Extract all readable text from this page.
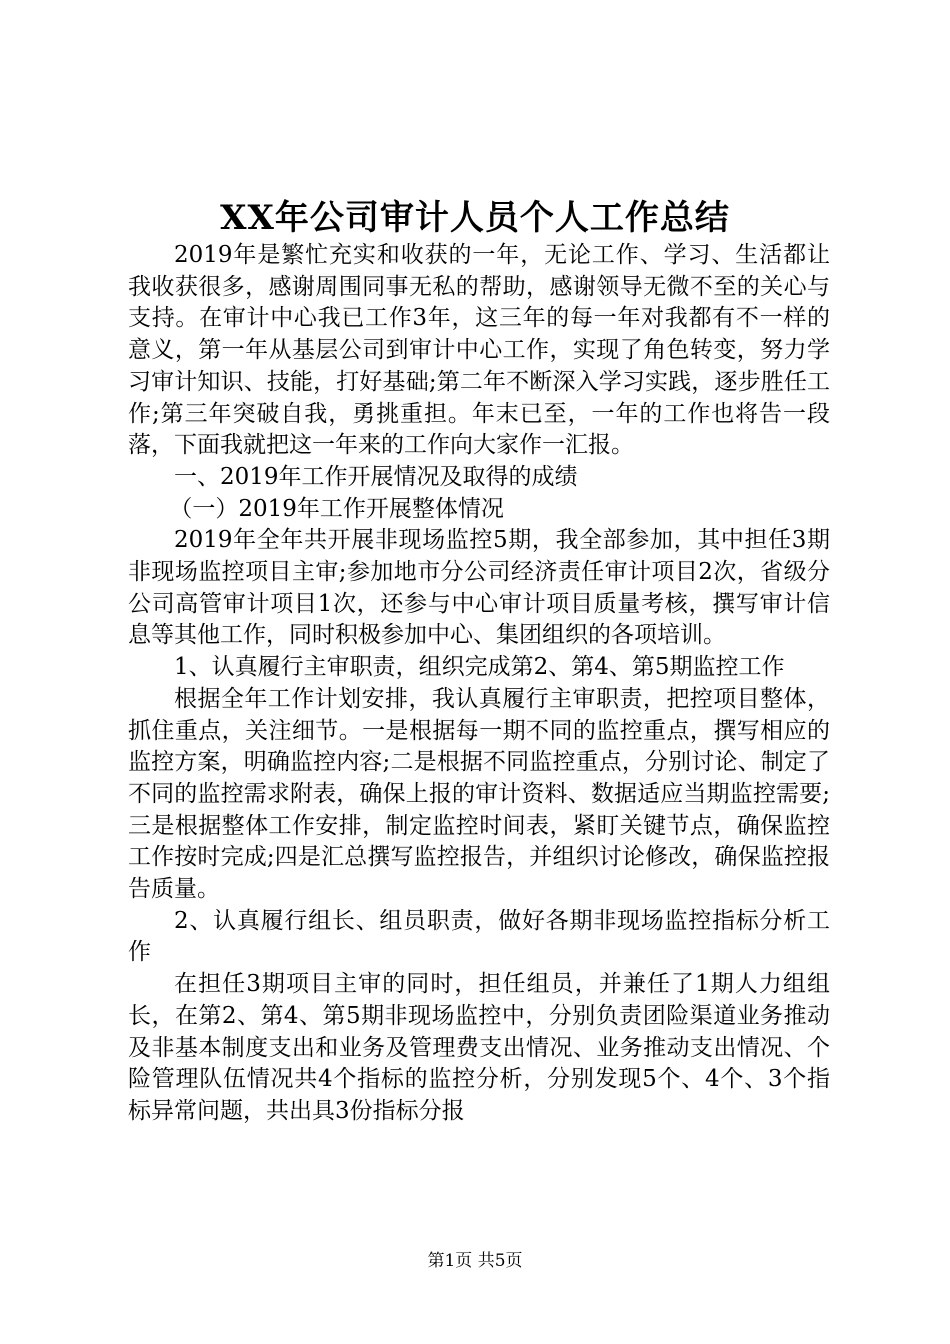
XX年公司审计人员个人工作总结

2019年是繁忙充实和收获的一年，无论工作、学习、生活都让我收获很多，感谢周围同事无私的帮助，感谢领导无微不至的关心与支持。在审计中心我已工作3年，这三年的每一年对我都有不一样的意义，第一年从基层公司到审计中心工作，实现了角色转变，努力学习审计知识、技能，打好基础;第二年不断深入学习实践，逐步胜任工作;第三年突破自我，勇挑重担。年末已至，一年的工作也将告一段落，下面我就把这一年来的工作向大家作一汇报。

一、2019年工作开展情况及取得的成绩

（一）2019年工作开展整体情况

2019年全年共开展非现场监控5期，我全部参加，其中担任3期非现场监控项目主审;参加地市分公司经济责任审计项目2次，省级分公司高管审计项目1次，还参与中心审计项目质量考核，撰写审计信息等其他工作，同时积极参加中心、集团组织的各项培训。

1、认真履行主审职责，组织完成第2、第4、第5期监控工作

根据全年工作计划安排，我认真履行主审职责，把控项目整体，抓住重点，关注细节。一是根据每一期不同的监控重点，撰写相应的监控方案，明确监控内容;二是根据不同监控重点，分别讨论、制定了不同的监控需求附表，确保上报的审计资料、数据适应当期监控需要;三是根据整体工作安排，制定监控时间表，紧盯关键节点，确保监控工作按时完成;四是汇总撰写监控报告，并组织讨论修改，确保监控报告质量。

2、认真履行组长、组员职责，做好各期非现场监控指标分析工作

在担任3期项目主审的同时，担任组员，并兼任了1期人力组组长，在第2、第4、第5期非现场监控中，分别负责团险渠道业务推动及非基本制度支出和业务及管理费支出情况、业务推动支出情况、个险管理队伍情况共4个指标的监控分析，分别发现5个、4个、3个指标异常问题，共出具3份指标分报

第1页 共5页
